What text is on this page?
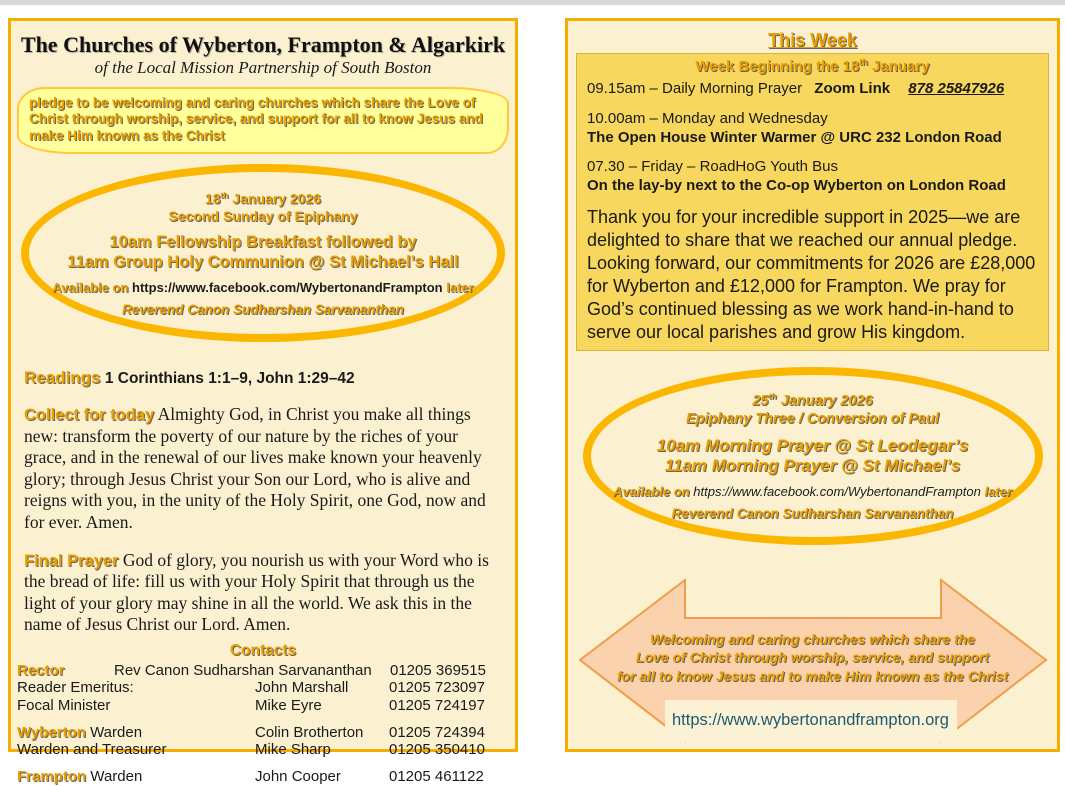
The Churches of Wyberton, Frampton & Algarkirk
of the Local Mission Partnership of South Boston
pledge to be welcoming and caring churches which share the Love of Christ through worship, service, and support for all to know Jesus and make Him known as the Christ
18th January 2026
Second Sunday of Epiphany
10am Fellowship Breakfast followed by
11am Group Holy Communion @ St Michael’s Hall
Available on https://www.facebook.com/WybertonandFrampton later
Reverend Canon Sudharshan Sarvananthan
Readings 1 Corinthians 1:1–9, John 1:29–42
Collect for today Almighty God, in Christ you make all things new: transform the poverty of our nature by the riches of your grace, and in the renewal of our lives make known your heavenly glory; through Jesus Christ your Son our Lord, who is alive and reigns with you, in the unity of the Holy Spirit, one God, now and for ever. Amen.
Final Prayer God of glory, you nourish us with your Word who is the bread of life: fill us with your Holy Spirit that through us the light of your glory may shine in all the world. We ask this in the name of Jesus Christ our Lord. Amen.
Contacts
Rector	Rev Canon Sudharshan Sarvananthan	01205 369515
Reader Emeritus:	John Marshall	01205 723097
Focal Minister	Mike Eyre	01205 724197
Wyberton Warden	Colin Brotherton	01205 724394
Warden and Treasurer	Mike Sharp	01205 350410
Frampton Warden	John Cooper	01205 461122
This Week
Week Beginning the 18th January
09.15am – Daily Morning Prayer Zoom Link 878 25847926
10.00am – Monday and Wednesday
The Open House Winter Warmer @ URC 232 London Road
07.30 – Friday – RoadHoG Youth Bus
On the lay-by next to the Co-op Wyberton on London Road
Thank you for your incredible support in 2025—we are delighted to share that we reached our annual pledge. Looking forward, our commitments for 2026 are £28,000 for Wyberton and £12,000 for Frampton. We pray for God’s continued blessing as we work hand-in-hand to serve our local parishes and grow His kingdom.
25th January 2026
Epiphany Three / Conversion of Paul
10am Morning Prayer @ St Leodegar’s
11am Morning Prayer @ St Michael’s
Available on https://www.facebook.com/WybertonandFrampton later
Reverend Canon Sudharshan Sarvananthan
Welcoming and caring churches which share the
Love of Christ through worship, service, and support
for all to know Jesus and to make Him known as the Christ
https://www.wybertonandframpton.org
